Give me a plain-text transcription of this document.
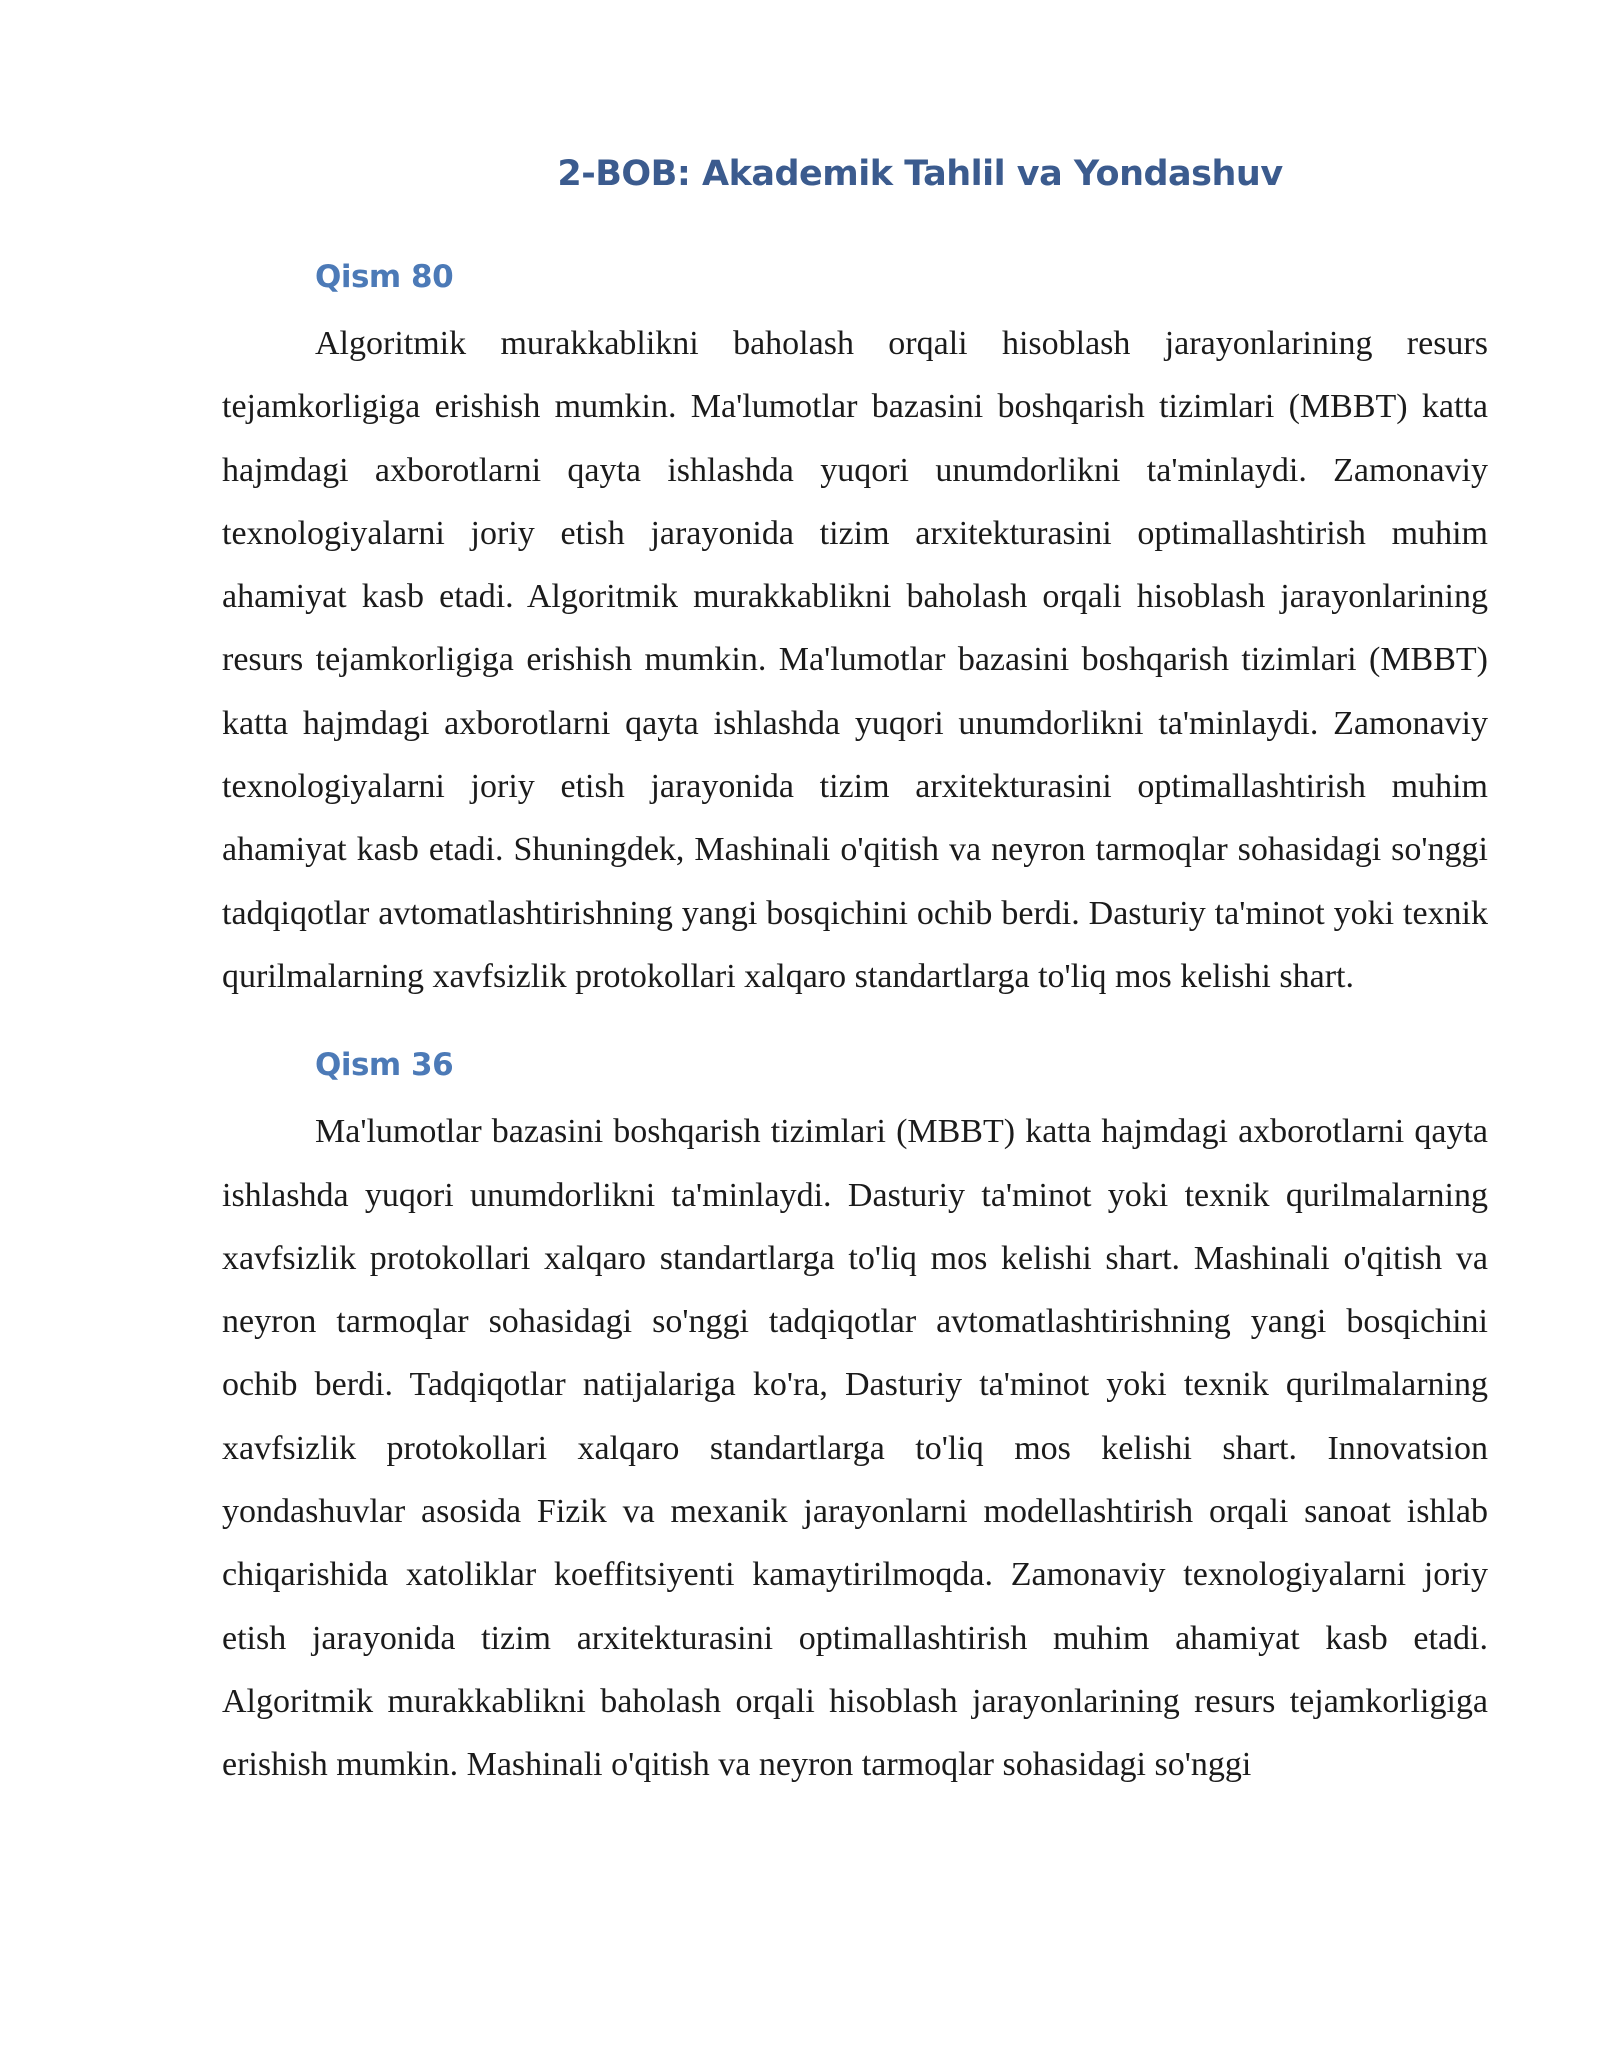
2-BOB: Akademik Tahlil va Yondashuv
Qism 80

Algoritmik murakkablikni baholash orqali hisoblash jarayonlarining resurs tejamkorligiga erishish mumkin. Ma'lumotlar bazasini boshqarish tizimlari (MBBT) katta hajmdagi axborotlarni qayta ishlashda yuqori unumdorlikni ta'minlaydi. Zamonaviy texnologiyalarni joriy etish jarayonida tizim arxitekturasini optimallashtirish muhim ahamiyat kasb etadi. Algoritmik murakkablikni baholash orqali hisoblash jarayonlarining resurs tejamkorligiga erishish mumkin. Ma'lumotlar bazasini boshqarish tizimlari (MBBT) katta hajmdagi axborotlarni qayta ishlashda yuqori unumdorlikni ta'minlaydi. Zamonaviy texnologiyalarni joriy etish jarayonida tizim arxitekturasini optimallashtirish muhim ahamiyat kasb etadi. Shuningdek, Mashinali o'qitish va neyron tarmoqlar sohasidagi so'nggi tadqiqotlar avtomatlashtirishning yangi bosqichini ochib berdi. Dasturiy ta'minot yoki texnik qurilmalarning xavfsizlik protokollari xalqaro standartlarga to'liq mos kelishi shart.

Qism 36

Ma'lumotlar bazasini boshqarish tizimlari (MBBT) katta hajmdagi axborotlarni qayta ishlashda yuqori unumdorlikni ta'minlaydi. Dasturiy ta'minot yoki texnik qurilmalarning xavfsizlik protokollari xalqaro standartlarga to'liq mos kelishi shart. Mashinali o'qitish va neyron tarmoqlar sohasidagi so'nggi tadqiqotlar avtomatlashtirishning yangi bosqichini ochib berdi. Tadqiqotlar natijalariga ko'ra, Dasturiy ta'minot yoki texnik qurilmalarning xavfsizlik protokollari xalqaro standartlarga to'liq mos kelishi shart. Innovatsion yondashuvlar asosida Fizik va mexanik jarayonlarni modellashtirish orqali sanoat ishlab chiqarishida xatoliklar koeffitsiyenti kamaytirilmoqda. Zamonaviy texnologiyalarni joriy etish jarayonida tizim arxitekturasini optimallashtirish muhim ahamiyat kasb etadi. Algoritmik murakkablikni baholash orqali hisoblash jarayonlarining resurs tejamkorligiga erishish mumkin. Mashinali o'qitish va neyron tarmoqlar sohasidagi so'nggi
